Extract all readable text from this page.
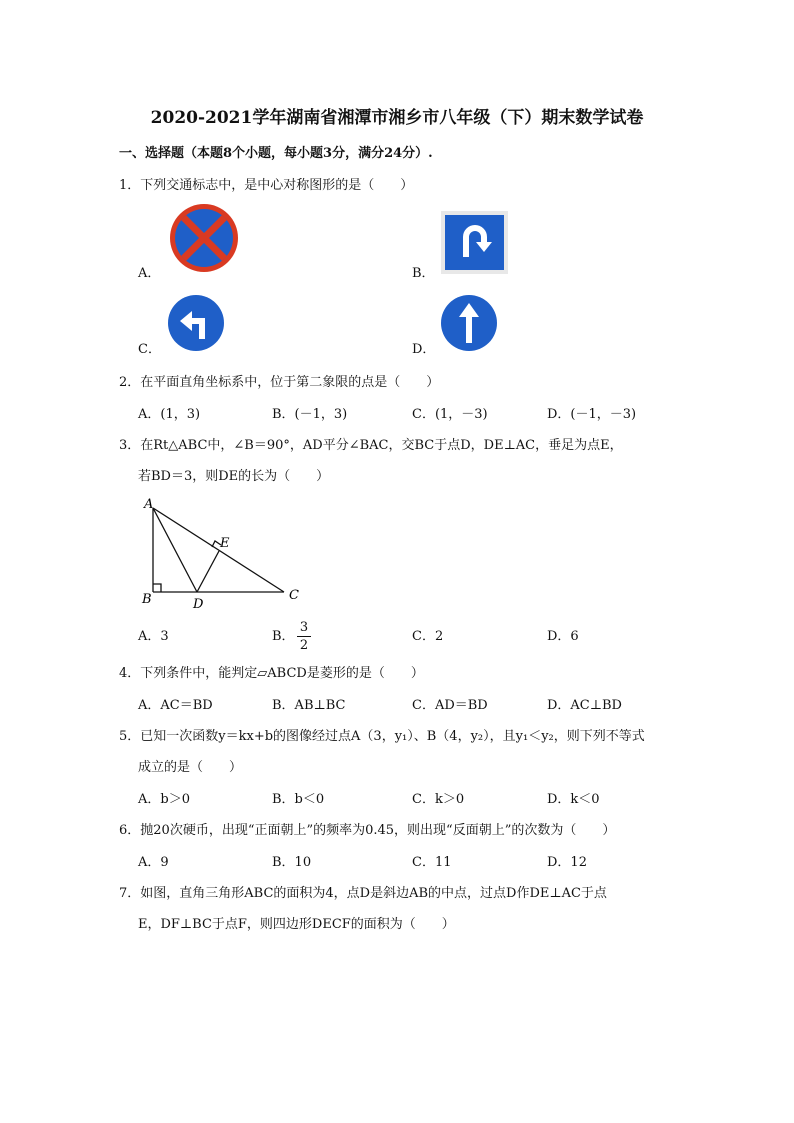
2020-2021学年湖南省湘潭市湘乡市八年级（下）期末数学试卷
一、选择题（本题8个小题，每小题3分，满分24分）.
1．下列交通标志中，是中心对称图形的是（　　）
A．	B．
C．	D．
2．在平面直角坐标系中，位于第二象限的点是（　　）
A．(1，3)	B．(－1，3)	C．(1，－3)	D．(－1，－3)
3．在Rt△ABC中，∠B＝90°，AD平分∠BAC，交BC于点D，DE⊥AC，垂足为点E，
若BD＝3，则DE的长为（　　）
A
B	C
D
E
A．3	B．
3
2
C．2	D．6
4．下列条件中，能判定▱ABCD是菱形的是（　　）
A．AC＝BD	B．AB⊥BC	C．AD＝BD	D．AC⊥BD
5．已知一次函数y＝kx+b的图像经过点A（3，y₁）、B（4，y₂），且y₁＜y₂，则下列不等式
成立的是（　　）
A．b＞0	B．b＜0	C．k＞0	D．k＜0
6．抛20次硬币，出现“正面朝上”的频率为0.45，则出现“反面朝上”的次数为（　　）
A．9	B．10	C．11	D．12
7．如图，直角三角形ABC的面积为4，点D是斜边AB的中点，过点D作DE⊥AC于点
E，DF⊥BC于点F，则四边形DECF的面积为（　　）
